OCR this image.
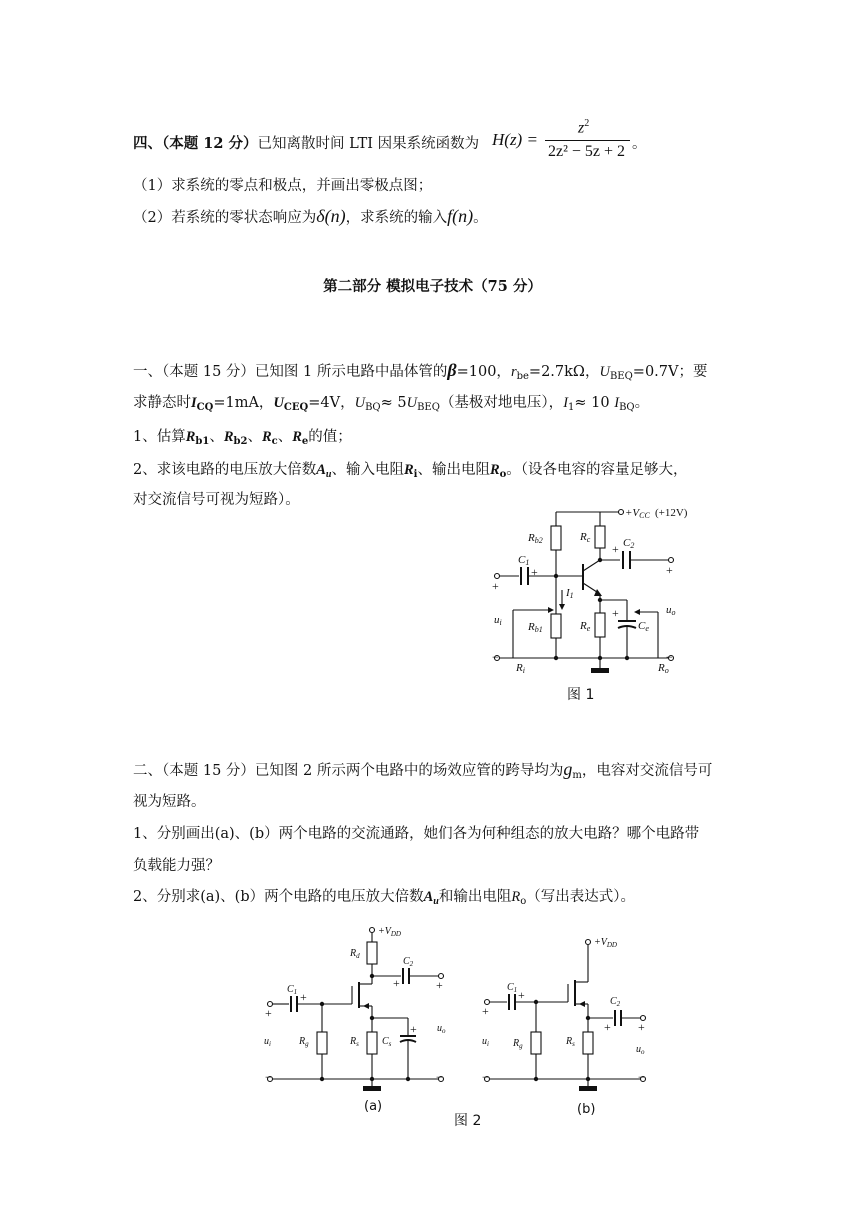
四、（本题 12 分）已知离散时间 LTI 因果系统函数为 H(z) =
$z^2$
2z² − 5z + 2 。
（1）求系统的零点和极点，并画出零极点图；
（2）若系统的零状态响应为δ(n)，求系统的输入f(n)。
第二部分 模拟电子技术（75 分）
一、（本题 15 分）已知图 1 所示电路中晶体管的β=100，$r_{be}=2.7k\Omega$，$U_{BEQ}=0.7V$；要
求静态时$I_{CQ}=1mA$，$U_{CEQ}=4V$，$U_{BQ}\approx 5U_{BEQ}$（基极对地电压），$I_1\approx 10$ $I_{BQ}$。
1、估算$R_{b1}$、$R_{b2}$、$R_c$、$R_e$的值；
2、求该电路的电压放大倍数$A_u$、输入电阻$R_i$、输出电阻$R_o$。（设各电容的容量足够大，
对交流信号可视为短路）。
+VCC (+12V)
Rb2	Rc	C2
C1
I1
ui
uo
Rb1	Re	Ce
Ri	Ro
+
−
+
+
+
−
+
图 1
二、（本题 15 分）已知图 2 所示两个电路中的场效应管的跨导均为$g_m$，电容对交流信号可
视为短路。
1、分别画出(a)、(b）两个电路的交流通路，她们各为何种组态的放大电路？哪个电路带
负载能力强？
2、分别求(a)、(b）两个电路的电压放大倍数$A_u$和输出电阻$R_o$（写出表达式）。
$+V_{DD}$
$R_d$	$C_2$
$C_1$
$u_i$	$R_g$	$R_s$ $C_s$
$u_o$
$+V_{DD}$
$C_2$
$C_1$
$u_i$ $R_g$	$R_s$	$u_o$
+
−
+
+	+
−
+
+
−
+
+ +
−
(a)	(b)
图 2
